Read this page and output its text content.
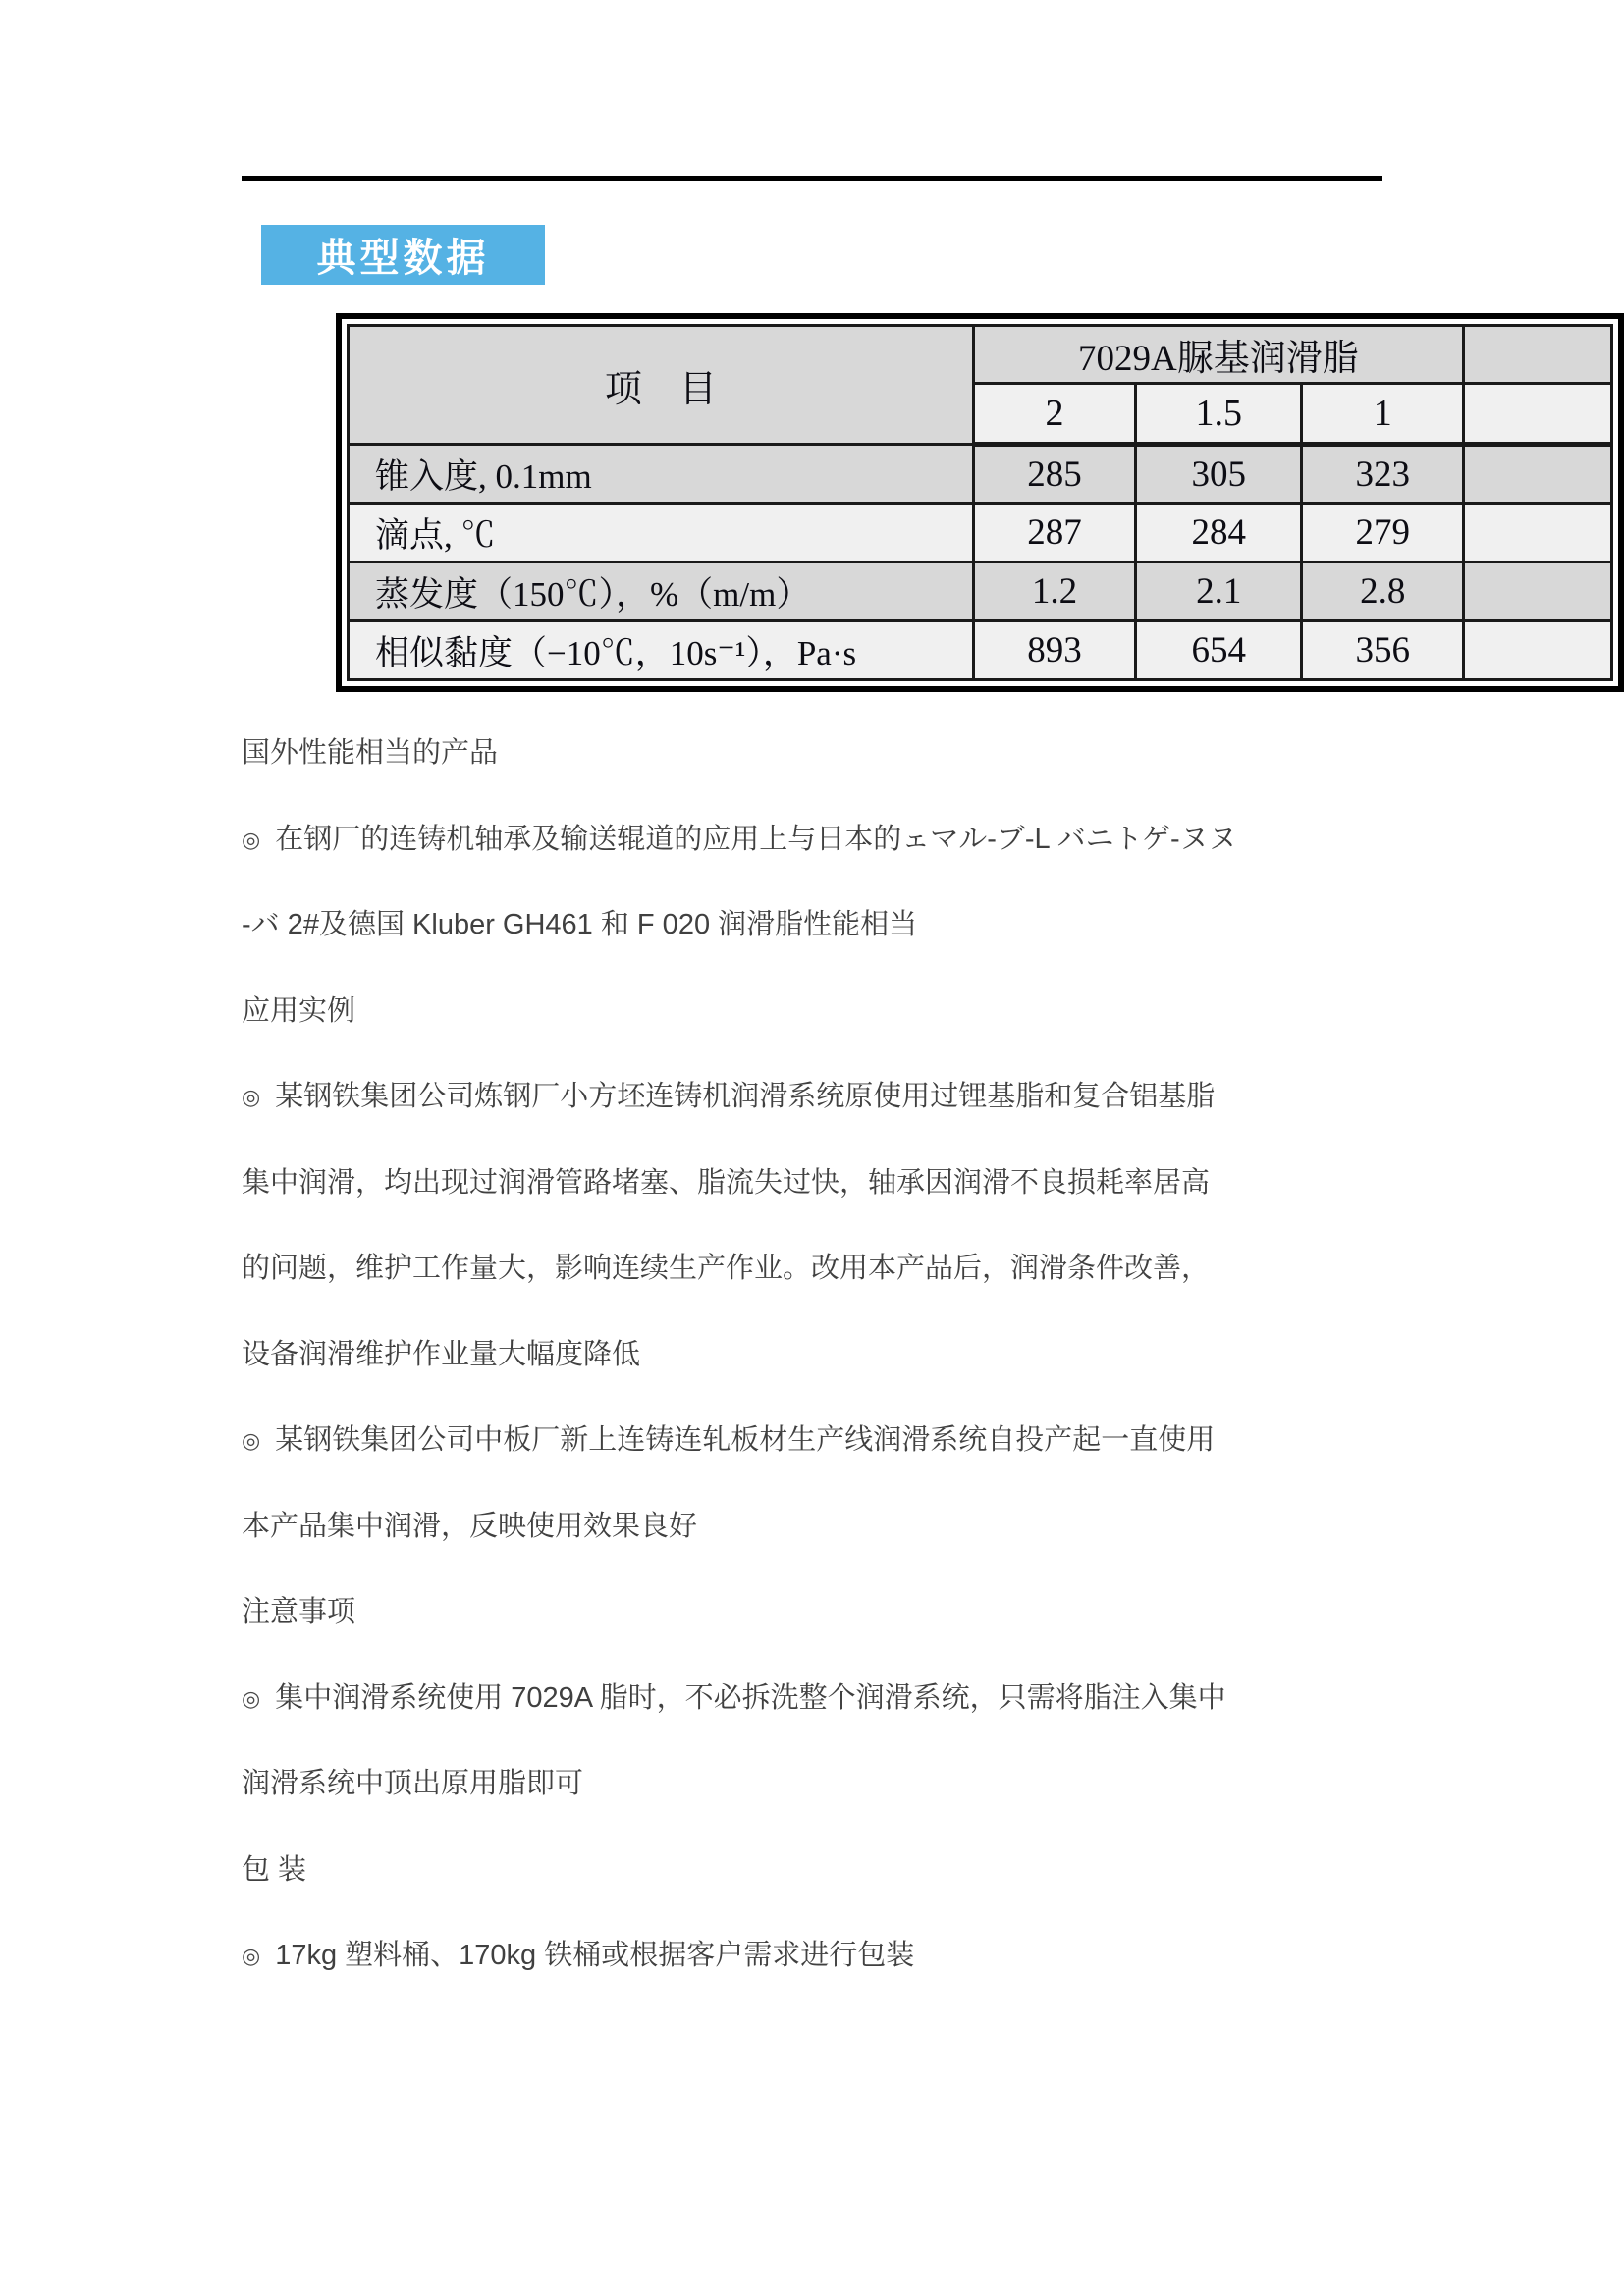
典型数据
项　目	7029A脲基润滑脂			
	2	1.5	1	
锥入度, 0.1mm	285	305	323	
滴点, ℃	287	284	279	
蒸发度（150℃），%（m/m）	1.2	2.1	2.8	
相似黏度（−10℃，10s⁻¹），Pa·s	893	654	356	
国外性能相当的产品
◎ 在钢厂的连铸机轴承及输送辊道的应用上与日本的ェマル-ブ-L バニトゲ-ヌヌ
-バ 2#及德国 Kluber GH461 和 F 020 润滑脂性能相当
应用实例
◎ 某钢铁集团公司炼钢厂小方坯连铸机润滑系统原使用过锂基脂和复合铝基脂
集中润滑，均出现过润滑管路堵塞、脂流失过快，轴承因润滑不良损耗率居高
的问题，维护工作量大，影响连续生产作业。改用本产品后，润滑条件改善，
设备润滑维护作业量大幅度降低
◎ 某钢铁集团公司中板厂新上连铸连轧板材生产线润滑系统自投产起一直使用
本产品集中润滑，反映使用效果良好
注意事项
◎ 集中润滑系统使用 7029A 脂时，不必拆洗整个润滑系统，只需将脂注入集中
润滑系统中顶出原用脂即可
包 装
◎ 17kg 塑料桶、170kg 铁桶或根据客户需求进行包装
